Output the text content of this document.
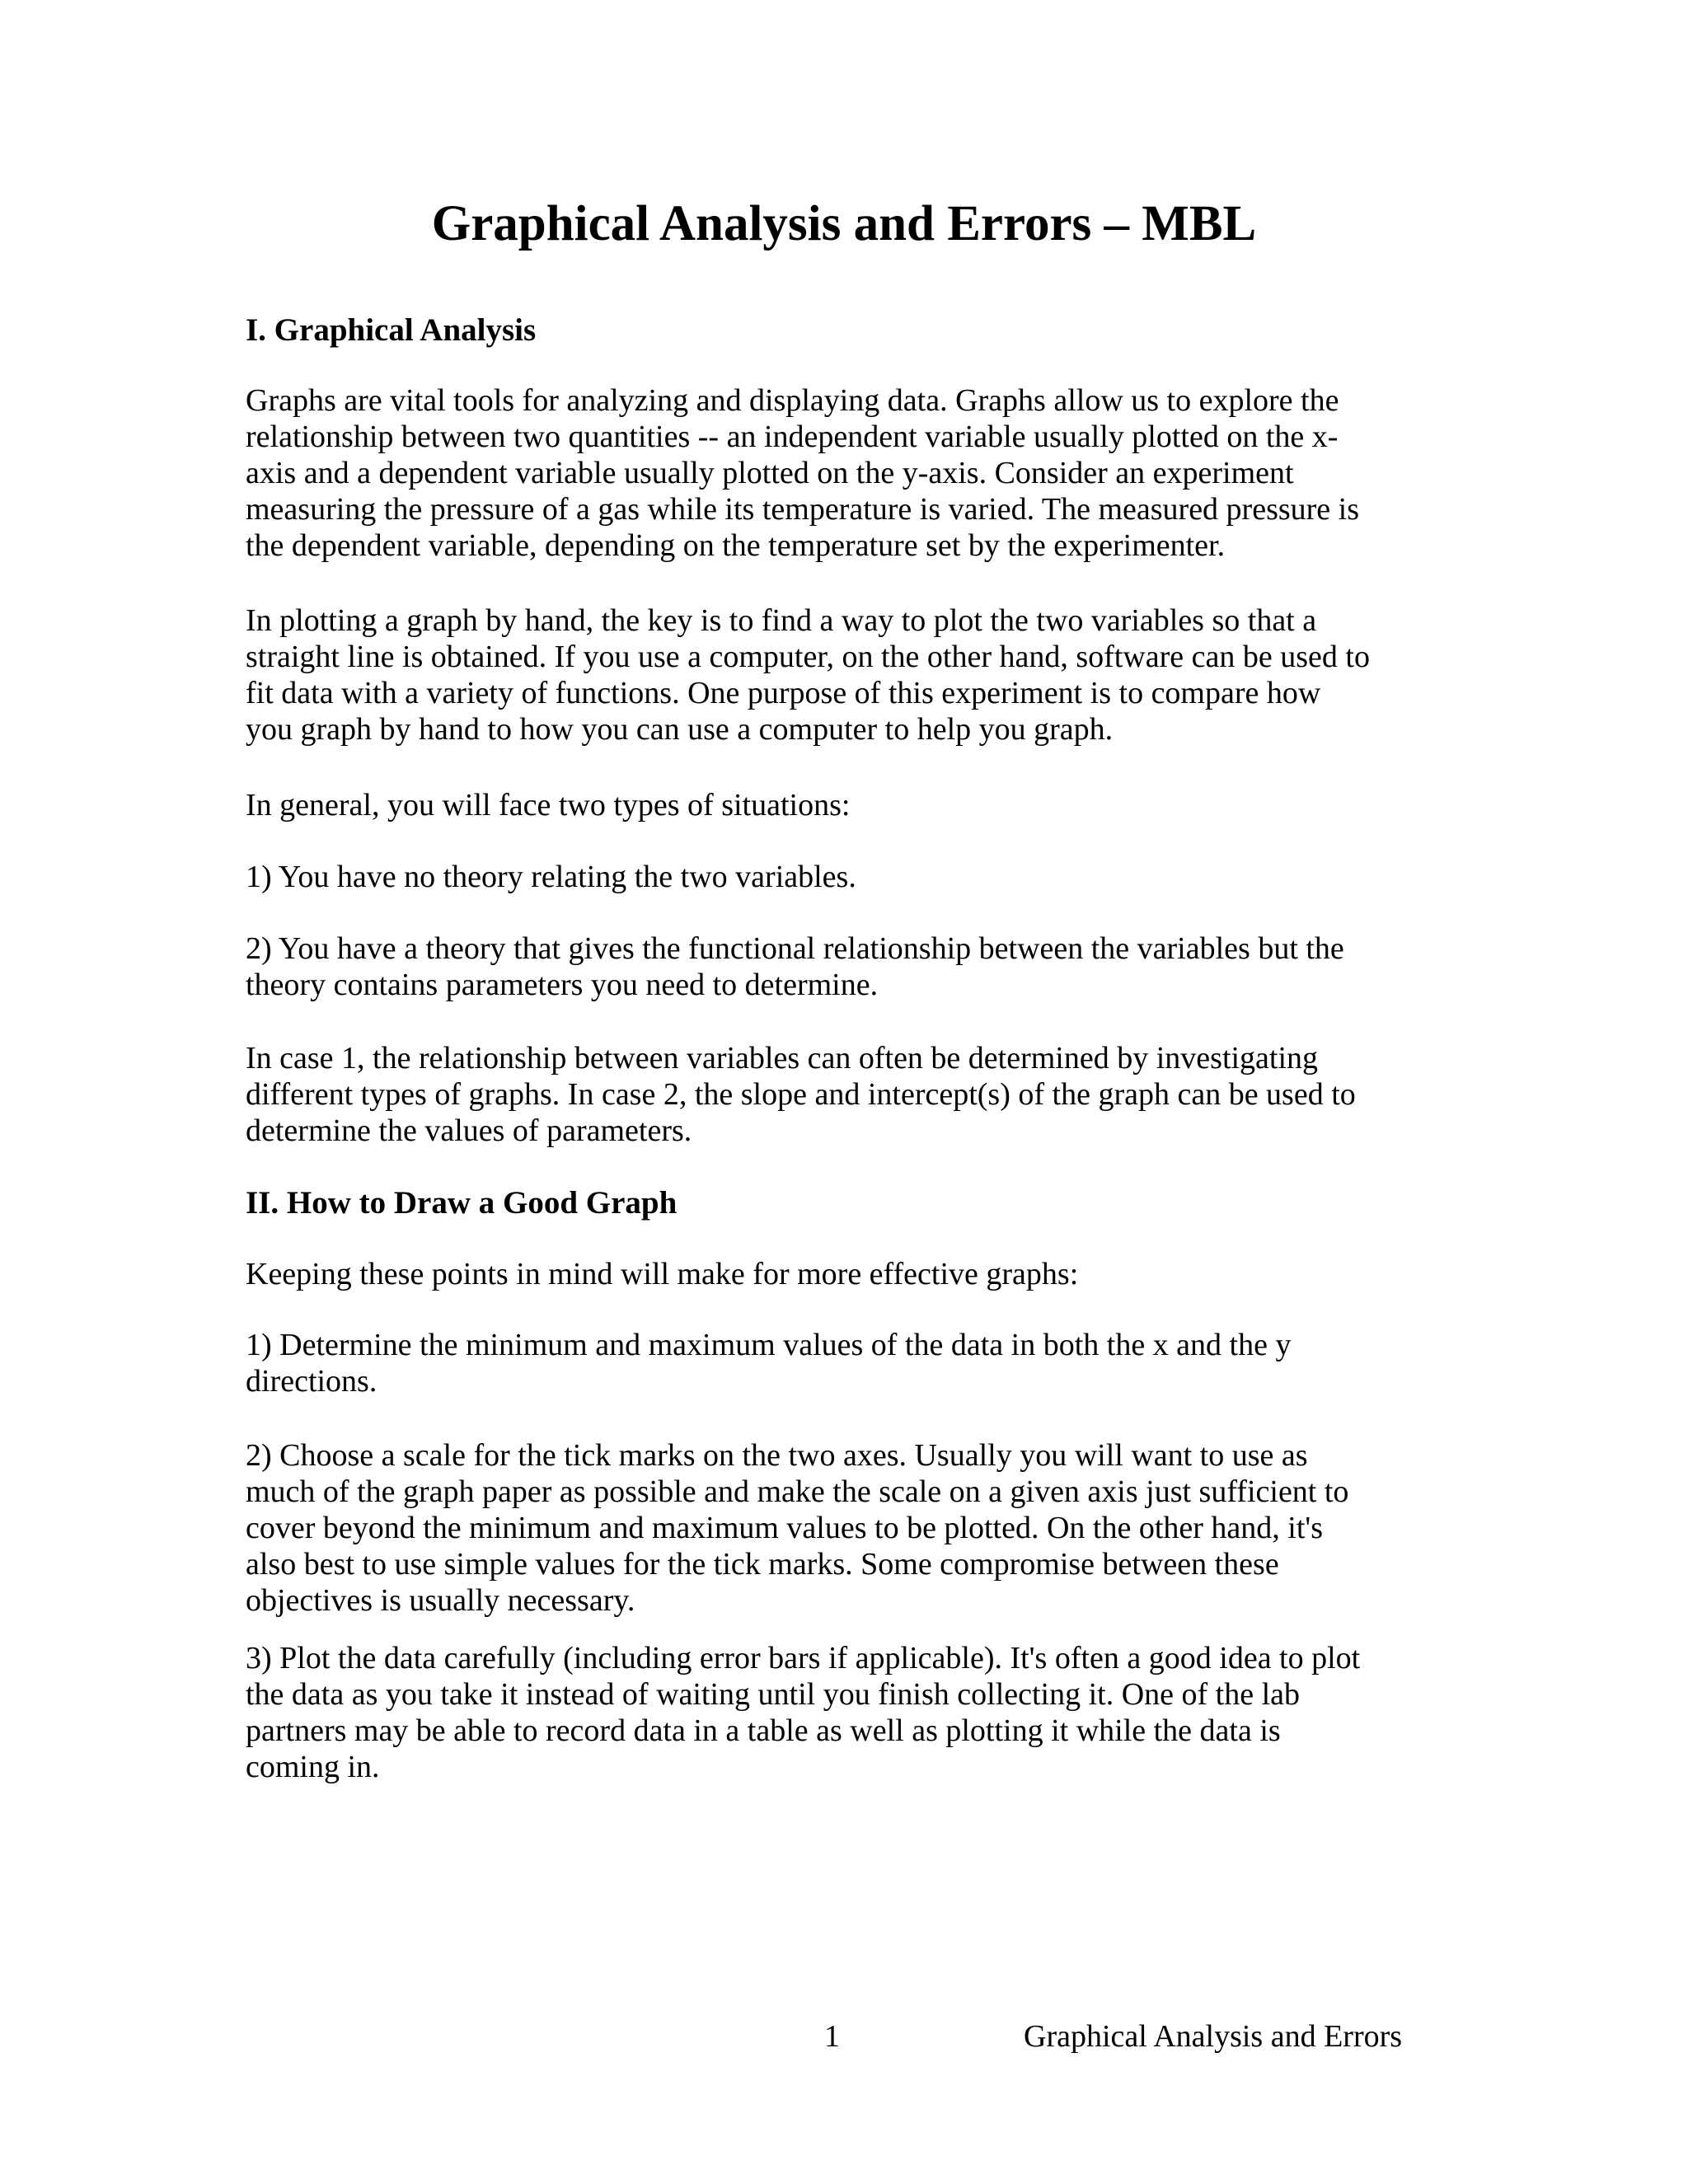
Graphical Analysis and Errors – MBL
I. Graphical Analysis

Graphs are vital tools for analyzing and displaying data. Graphs allow us to explore the
relationship between two quantities -- an independent variable usually plotted on the x-
axis and a dependent variable usually plotted on the y-axis. Consider an experiment
measuring the pressure of a gas while its temperature is varied. The measured pressure is
the dependent variable, depending on the temperature set by the experimenter.

In plotting a graph by hand, the key is to find a way to plot the two variables so that a
straight line is obtained. If you use a computer, on the other hand, software can be used to
fit data with a variety of functions. One purpose of this experiment is to compare how
you graph by hand to how you can use a computer to help you graph.

In general, you will face two types of situations:

1) You have no theory relating the two variables.

2) You have a theory that gives the functional relationship between the variables but the
theory contains parameters you need to determine.

In case 1, the relationship between variables can often be determined by investigating
different types of graphs. In case 2, the slope and intercept(s) of the graph can be used to
determine the values of parameters.

II. How to Draw a Good Graph

Keeping these points in mind will make for more effective graphs:

1) Determine the minimum and maximum values of the data in both the x and the y
directions.

2) Choose a scale for the tick marks on the two axes. Usually you will want to use as
much of the graph paper as possible and make the scale on a given axis just sufficient to
cover beyond the minimum and maximum values to be plotted. On the other hand, it's
also best to use simple values for the tick marks. Some compromise between these
objectives is usually necessary.

3) Plot the data carefully (including error bars if applicable). It's often a good idea to plot
the data as you take it instead of waiting until you finish collecting it. One of the lab
partners may be able to record data in a table as well as plotting it while the data is
coming in.

1	Graphical Analysis and Errors
